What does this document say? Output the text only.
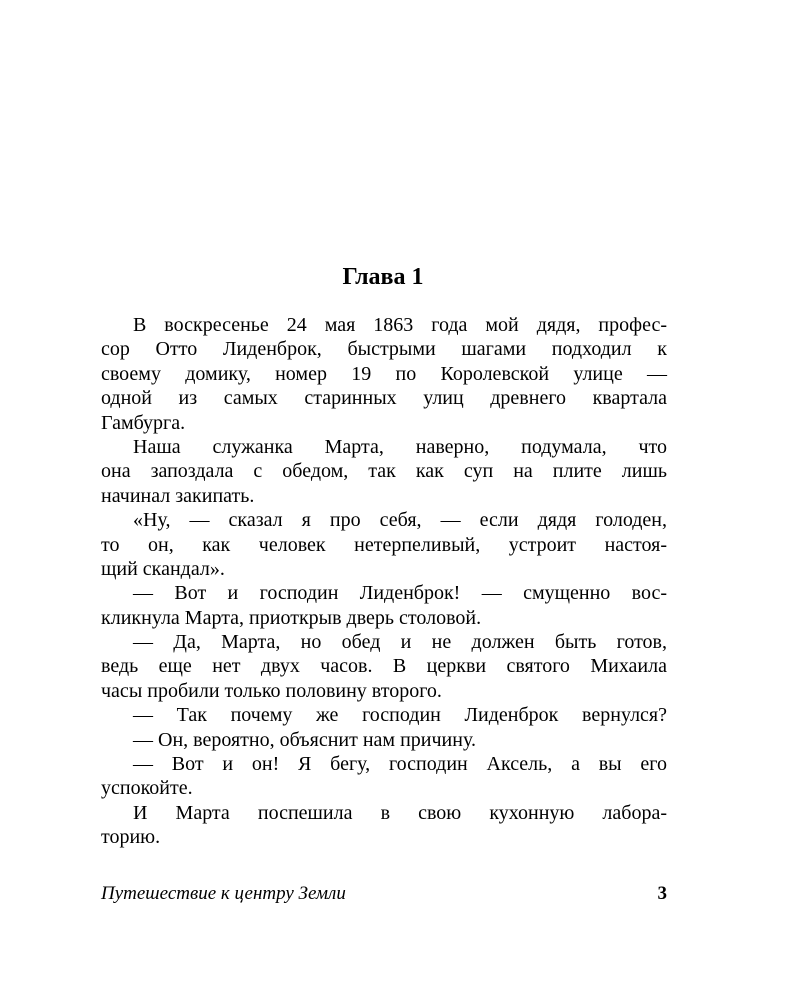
Глава 1
В воскресенье 24 мая 1863 года мой дядя, профес-
сор Отто Лиденброк, быстрыми шагами подходил к
своему домику, номер 19 по Королевской улице —
одной из самых старинных улиц древнего квартала
Гамбурга.
Наша служанка Марта, наверно, подумала, что
она запоздала с обедом, так как суп на плите лишь
начинал закипать.
«Ну, — сказал я про себя, — если дядя голоден,
то он, как человек нетерпеливый, устроит настоя-
щий скандал».
— Вот и господин Лиденброк! — смущенно вос-
кликнула Марта, приоткрыв дверь столовой.
— Да, Марта, но обед и не должен быть готов,
ведь еще нет двух часов. В церкви святого Михаила
часы пробили только половину второго.
— Так почему же господин Лиденброк вернулся?
— Он, вероятно, объяснит нам причину.
— Вот и он! Я бегу, господин Аксель, а вы его
успокойте.
И Марта поспешила в свою кухонную лабора-
торию.
Путешествие к центру Земли	3
